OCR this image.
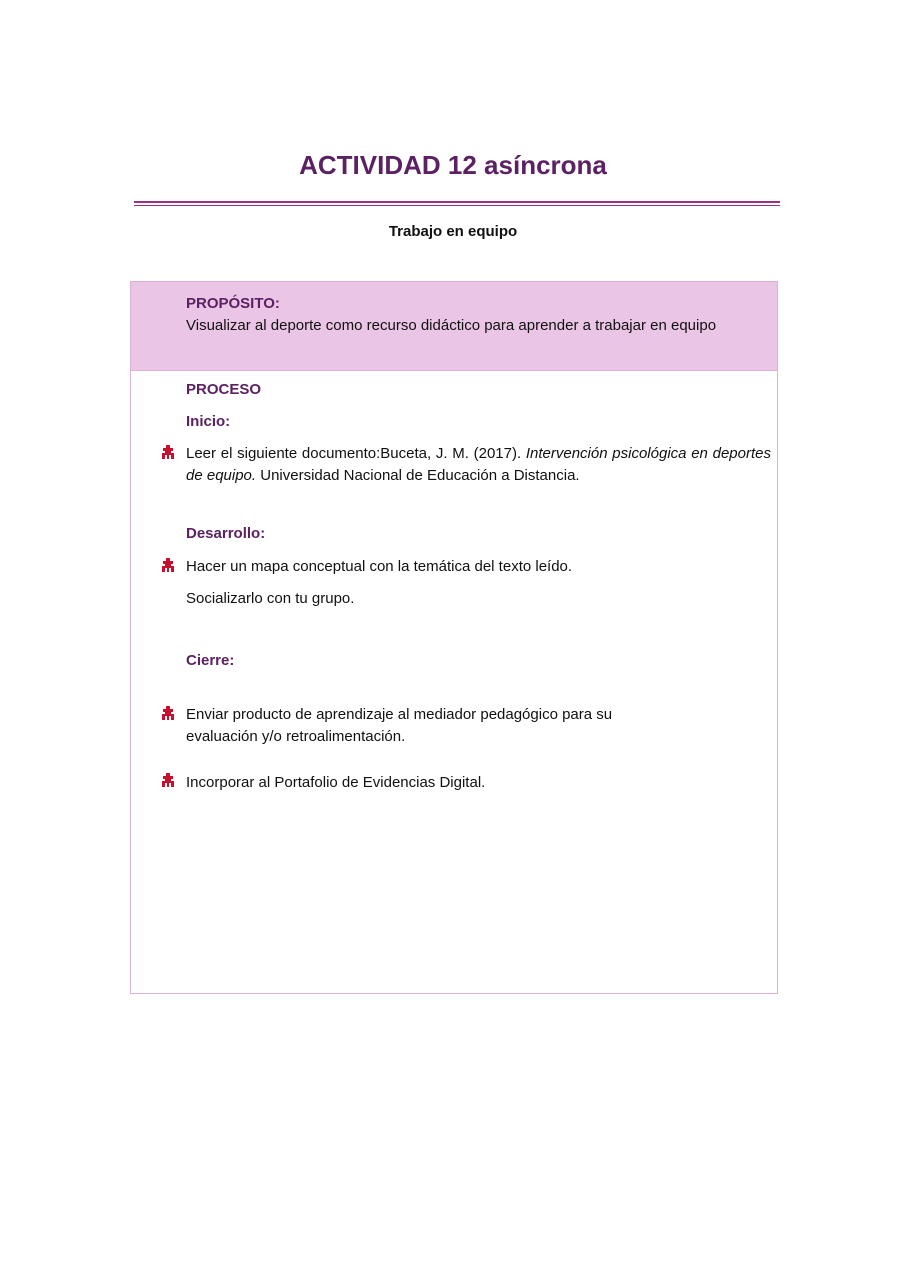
ACTIVIDAD 12 asíncrona
Trabajo en equipo
PROPÓSITO:
Visualizar al deporte como recurso didáctico para aprender a trabajar en equipo
PROCESO
Inicio:
Leer el siguiente documento:Buceta, J. M. (2017). Intervención psicológica en deportes de equipo. Universidad Nacional de Educación a Distancia.
Desarrollo:
Hacer un mapa conceptual con la temática del texto leído.
Socializarlo con tu grupo.
Cierre:
Enviar producto de aprendizaje al mediador pedagógico para su
evaluación y/o retroalimentación.
Incorporar al Portafolio de Evidencias Digital.
